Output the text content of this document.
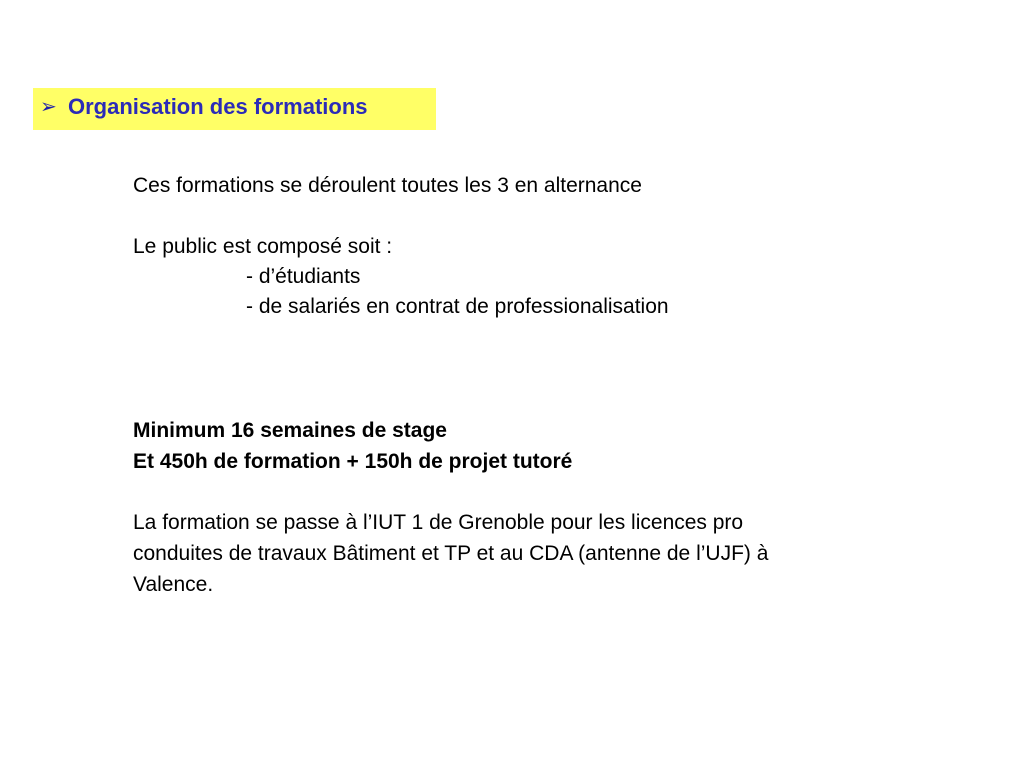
➢ Organisation des formations
Ces formations se déroulent toutes les 3 en alternance
Le public est composé soit :
- d’étudiants
- de salariés en contrat de professionalisation
Minimum 16 semaines de stage
Et 450h de formation + 150h de projet tutoré
La formation se passe à l’IUT 1 de Grenoble pour les licences pro
conduites de travaux Bâtiment et TP et au CDA (antenne de l’UJF) à
Valence.
